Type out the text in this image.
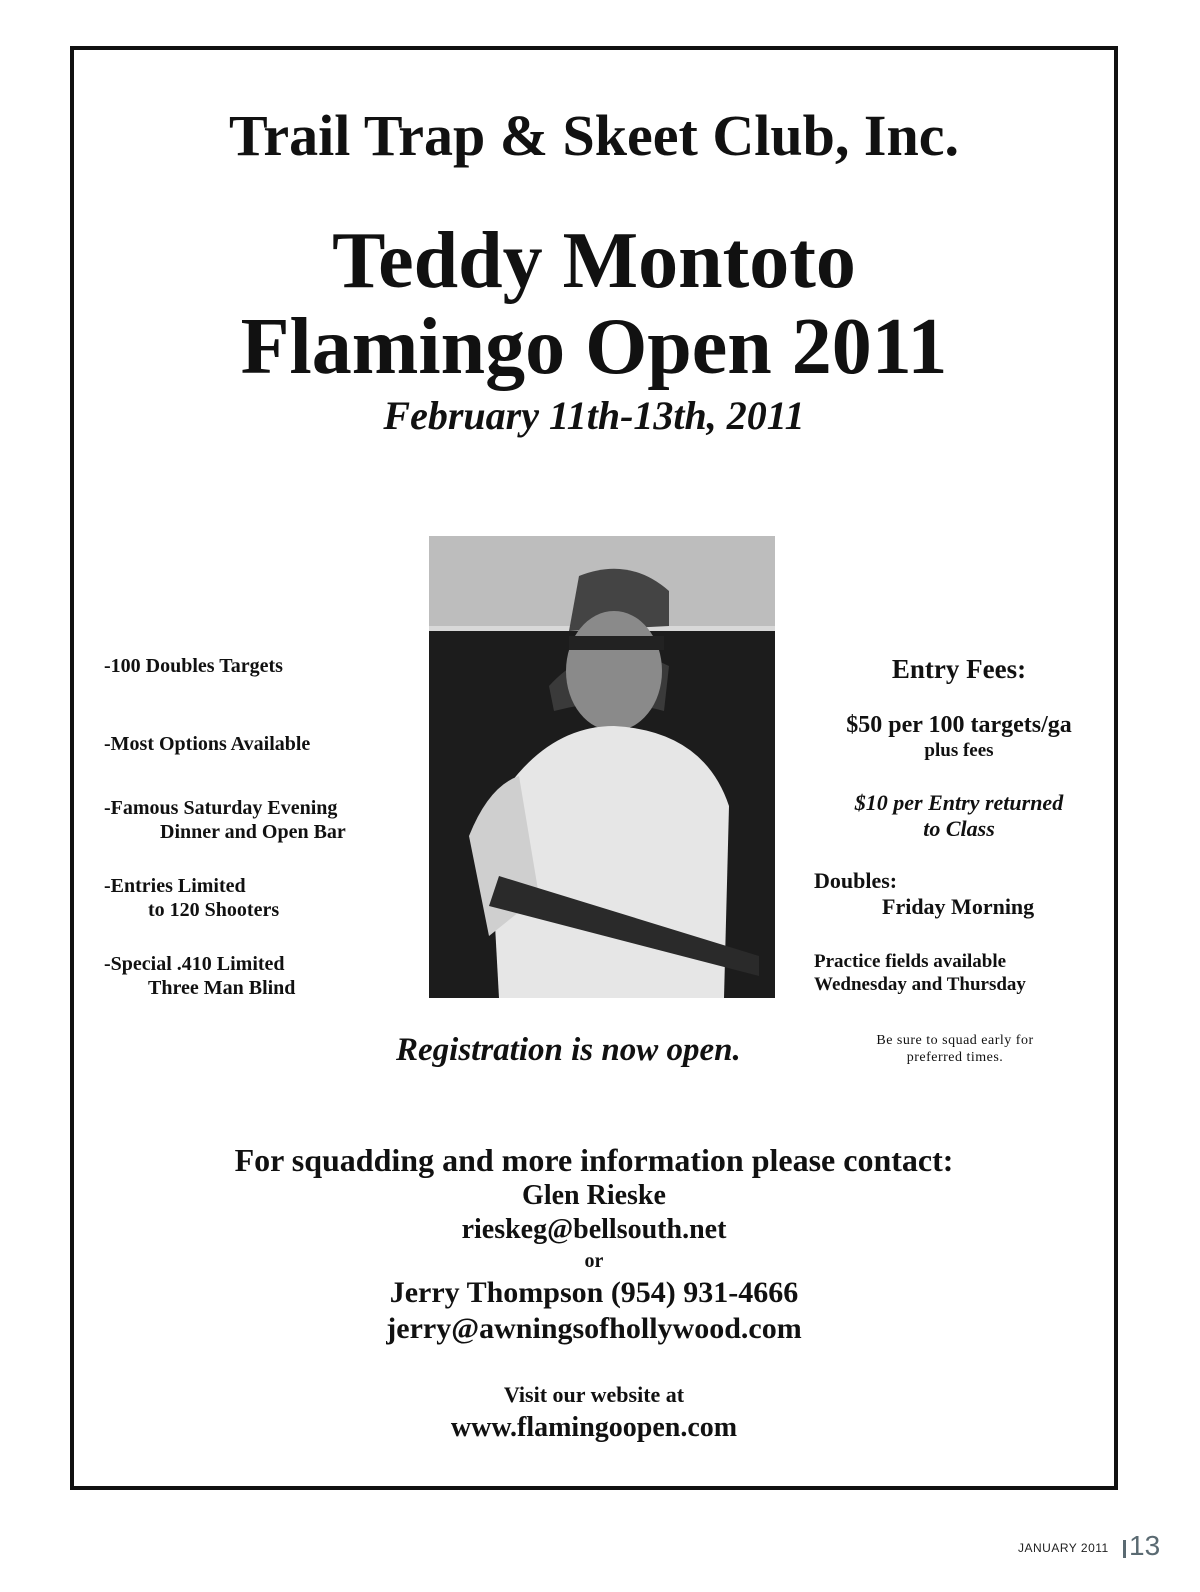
Trail Trap & Skeet Club, Inc.
Teddy Montoto
Flamingo Open 2011
February 11th-13th, 2011
-100 Doubles Targets
-Most Options Available
-Famous Saturday Evening
Dinner and Open Bar
-Entries Limited
to 120 Shooters
-Special .410 Limited
Three Man Blind
Entry Fees:
$50 per 100 targets/ga
plus fees
$10 per Entry returned
to Class
Doubles:
Friday Morning
Practice fields available
Wednesday and Thursday
Registration is now open.	Be sure to squad early for
preferred times.
For squadding and more information please contact:
Glen Rieske
rieskeg@bellsouth.net
or
Jerry Thompson (954) 931-4666
jerry@awningsofhollywood.com
Visit our website at
www.flamingoopen.com
JANUARY 2011 13
